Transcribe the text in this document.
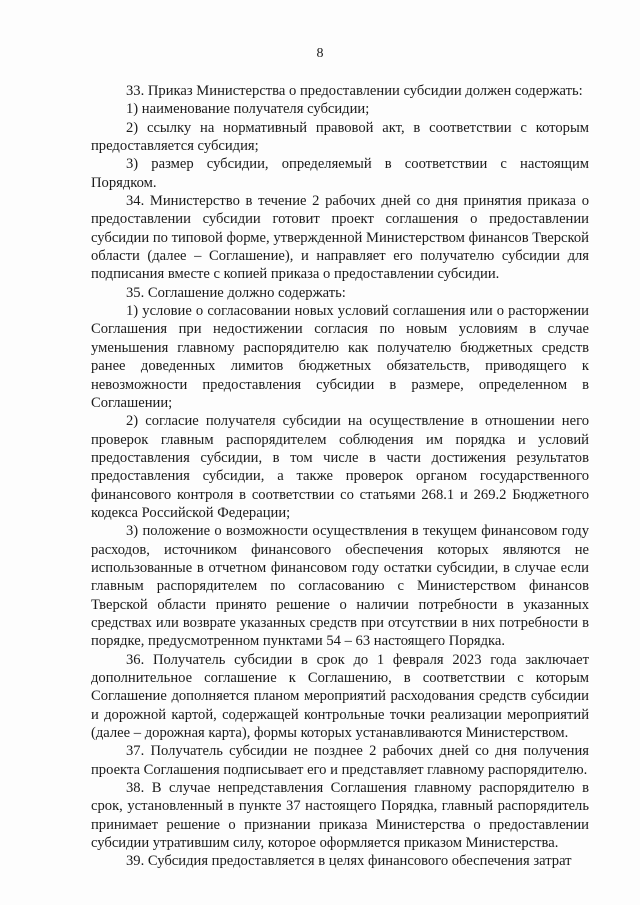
8

33. Приказ Министерства о предоставлении субсидии должен содержать:

1) наименование получателя субсидии;

2) ссылку на нормативный правовой акт, в соответствии с которым предоставляется субсидия;

3) размер субсидии, определяемый в соответствии с настоящим Порядком.

34. Министерство в течение 2 рабочих дней со дня принятия приказа о предоставлении субсидии готовит проект соглашения о предоставлении субсидии по типовой форме, утвержденной Министерством финансов Тверской области (далее – Соглашение), и направляет его получателю субсидии для подписания вместе с копией приказа о предоставлении субсидии.

35. Соглашение должно содержать:

1) условие о согласовании новых условий соглашения или о расторжении Соглашения при недостижении согласия по новым условиям в случае уменьшения главному распорядителю как получателю бюджетных средств ранее доведенных лимитов бюджетных обязательств, приводящего к невозможности предоставления субсидии в размере, определенном в Соглашении;

2) согласие получателя субсидии на осуществление в отношении него проверок главным распорядителем соблюдения им порядка и условий предоставления субсидии, в том числе в части достижения результатов предоставления субсидии, а также проверок органом государственного финансового контроля в соответствии со статьями 268.1 и 269.2 Бюджетного кодекса Российской Федерации;

3) положение о возможности осуществления в текущем финансовом году расходов, источником финансового обеспечения которых являются не использованные в отчетном финансовом году остатки субсидии, в случае если главным распорядителем по согласованию с Министерством финансов Тверской области принято решение о наличии потребности в указанных средствах или возврате указанных средств при отсутствии в них потребности в порядке, предусмотренном пунктами 54 – 63 настоящего Порядка.

36. Получатель субсидии в срок до 1 февраля 2023 года заключает дополнительное соглашение к Соглашению, в соответствии с которым Соглашение дополняется планом мероприятий расходования средств субсидии и дорожной картой, содержащей контрольные точки реализации мероприятий (далее – дорожная карта), формы которых устанавливаются Министерством.

37. Получатель субсидии не позднее 2 рабочих дней со дня получения проекта Соглашения подписывает его и представляет главному распорядителю.

38. В случае непредставления Соглашения главному распорядителю в срок, установленный в пункте 37 настоящего Порядка, главный распорядитель принимает решение о признании приказа Министерства о предоставлении субсидии утратившим силу, которое оформляется приказом Министерства.

39. Субсидия предоставляется в целях финансового обеспечения затрат
